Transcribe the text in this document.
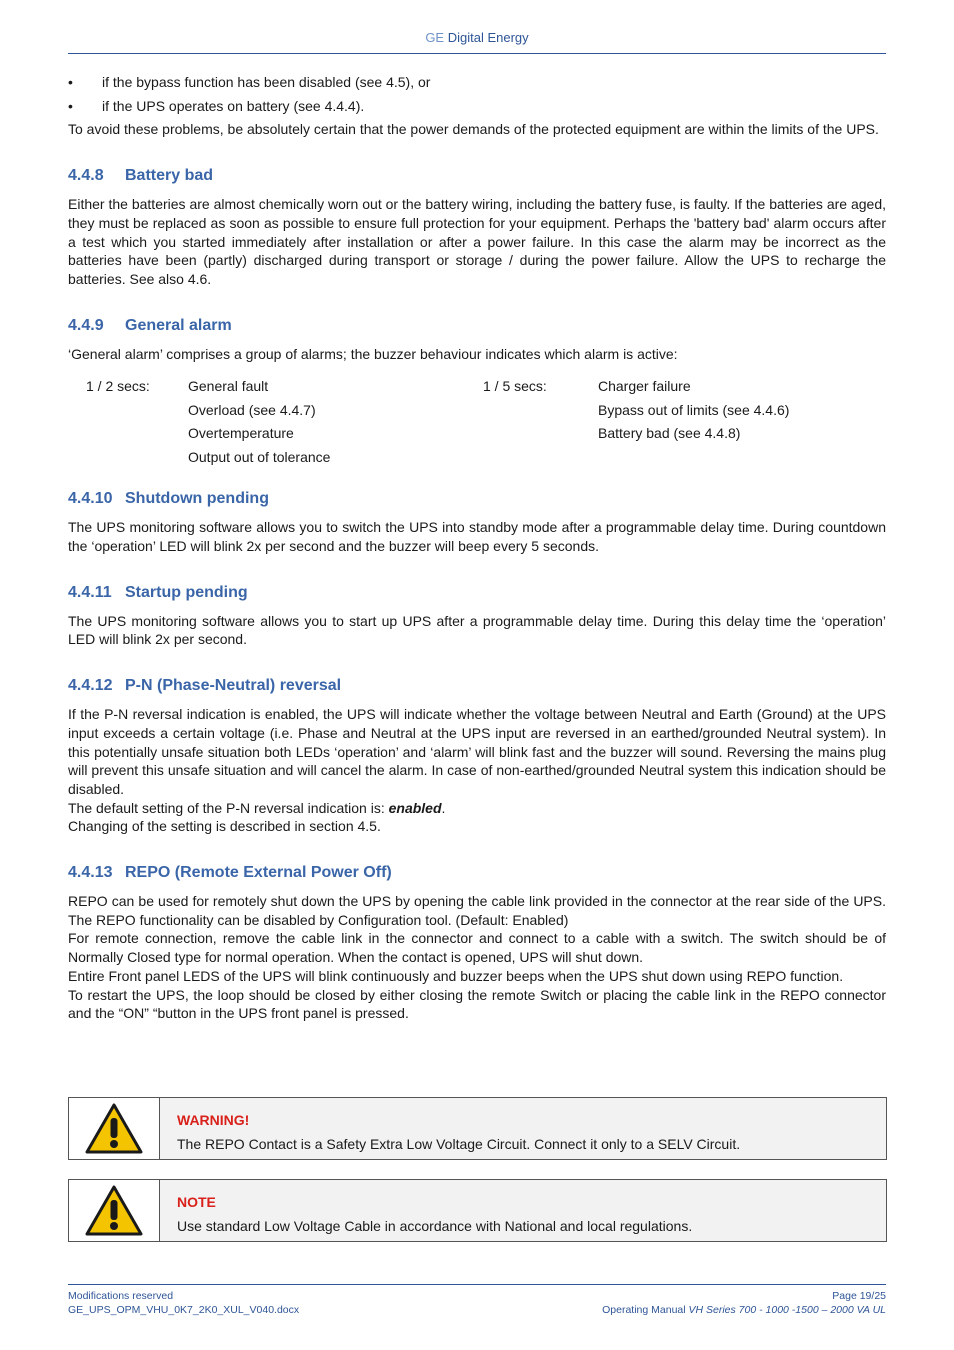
GE Digital Energy
• if the bypass function has been disabled (see 4.5), or
• if the UPS operates on battery (see 4.4.4).

To avoid these problems, be absolutely certain that the power demands of the protected equipment are within the limits of the UPS.

4.4.8 Battery bad

Either the batteries are almost chemically worn out or the battery wiring, including the battery fuse, is faulty. If the batteries are aged, they must be replaced as soon as possible to ensure full protection for your equipment. Perhaps the 'battery bad' alarm occurs after a test which you started immediately after installation or after a power failure. In this case the alarm may be incorrect as the batteries have been (partly) discharged during transport or storage / during the power failure. Allow the UPS to recharge the batteries. See also 4.6.

4.4.9 General alarm

‘General alarm’ comprises a group of alarms; the buzzer behaviour indicates which alarm is active:

1 / 2 secs:	General fault
Overload (see 4.4.7)
Overtemperature
Output out of tolerance
1 / 5 secs:	Charger failure
Bypass out of limits (see 4.4.6)
Battery bad (see 4.4.8)
4.4.10 Shutdown pending

The UPS monitoring software allows you to switch the UPS into standby mode after a programmable delay time. During countdown the ‘operation’ LED will blink 2x per second and the buzzer will beep every 5 seconds.

4.4.11 Startup pending

The UPS monitoring software allows you to start up UPS after a programmable delay time. During this delay time the ‘operation’ LED will blink 2x per second.

4.4.12 P-N (Phase-Neutral) reversal

If the P-N reversal indication is enabled, the UPS will indicate whether the voltage between Neutral and Earth (Ground) at the UPS input exceeds a certain voltage (i.e. Phase and Neutral at the UPS input are reversed in an earthed/grounded Neutral system). In this potentially unsafe situation both LEDs ‘operation’ and ‘alarm’ will blink fast and the buzzer will sound. Reversing the mains plug will prevent this unsafe situation and will cancel the alarm. In case of non-earthed/grounded Neutral system this indication should be disabled.

The default setting of the P-N reversal indication is: enabled.

Changing of the setting is described in section 4.5.

4.4.13 REPO (Remote External Power Off)

REPO can be used for remotely shut down the UPS by opening the cable link provided in the connector at the rear side of the UPS. The REPO functionality can be disabled by Configuration tool. (Default: Enabled)

For remote connection, remove the cable link in the connector and connect to a cable with a switch. The switch should be of Normally Closed type for normal operation. When the contact is opened, UPS will shut down.

Entire Front panel LEDS of the UPS will blink continuously and buzzer beeps when the UPS shut down using REPO function.

To restart the UPS, the loop should be closed by either closing the remote Switch or placing the cable link in the REPO connector and the “ON” “button in the UPS front panel is pressed.

WARNING!
The REPO Contact is a Safety Extra Low Voltage Circuit. Connect it only to a SELV Circuit.
NOTE
Use standard Low Voltage Cable in accordance with National and local regulations.
Modifications reserved
GE_UPS_OPM_VHU_0K7_2K0_XUL_V040.docx
Page 19/25
Operating Manual VH Series 700 - 1000 -1500 – 2000 VA UL
